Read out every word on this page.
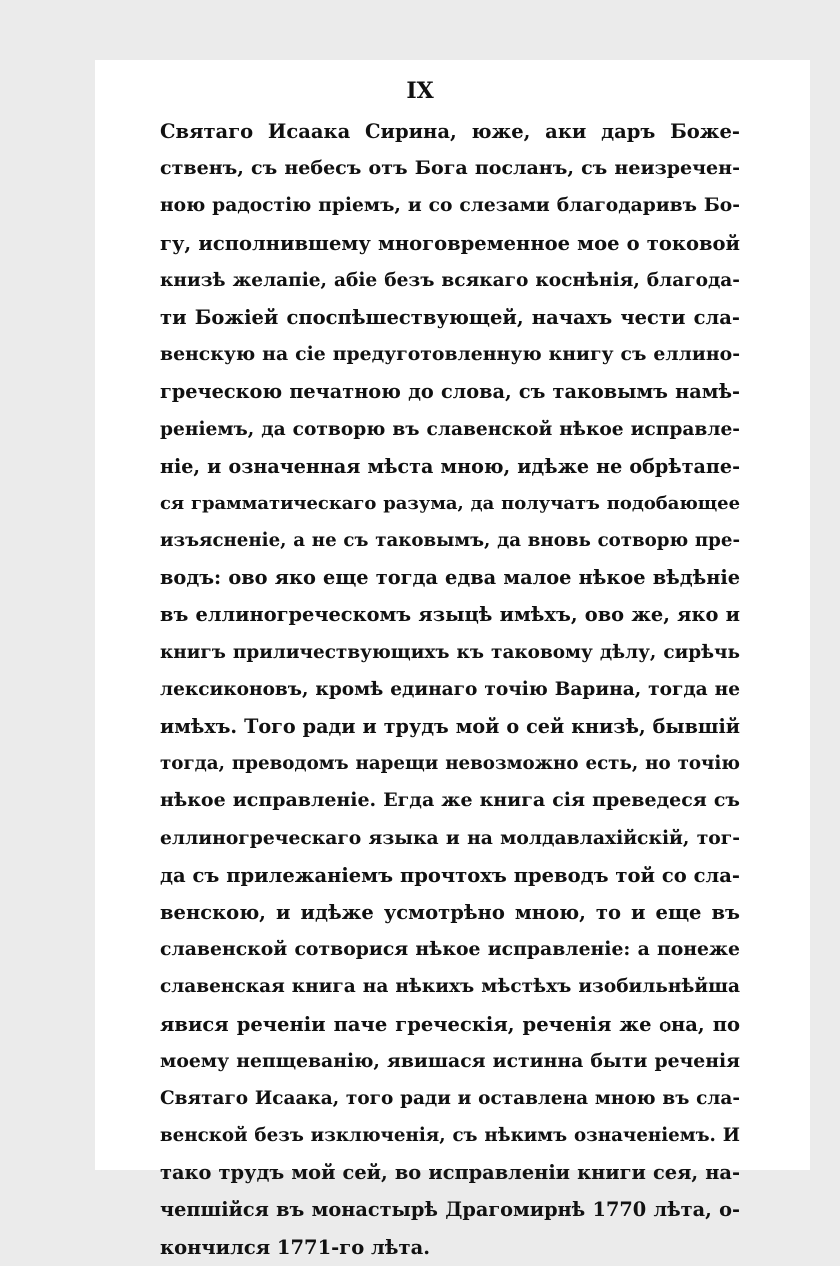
IX
Святаго Исаака Сирина, юже, аки даръ Боже-
ственъ, съ небесъ отъ Бога посланъ, съ неизречен-
ною радостію пріемъ, и со слезами благодаривъ Бо-
гу, исполнившему многовременное мое о токовой
книзѣ желапіе, абіе безъ всякаго коснѣнія, благода-
ти Божіей споспѣшествующей, начахъ чести сла-
венскую на сіе предуготовленную книгу съ еллино-
греческою печатною до слова, съ таковымъ намѣ-
реніемъ, да сотворю въ славенской нѣкое исправле-
ніе, и означенная мѣста мною, идѣже не обрѣтапе-
ся грамматическаго разума, да получатъ подобающее
изъясненіе, а не съ таковымъ, да вновь сотворю пре-
водъ: ово яко еще тогда едва малое нѣкое вѣдѣніе
въ еллиногреческомъ языцѣ имѣхъ, ово же, яко и
книгъ приличествующихъ къ таковому дѣлу, сирѣчь
лексиконовъ, кромѣ единаго точію Варина, тогда не
имѣхъ. Того ради и трудъ мой о сей книзѣ, бывшій
тогда, преводомъ нарещи невозможно есть, но точію
нѣкое исправленіе. Егда же книга сія преведеся съ
еллиногреческаго языка и на молдавлахійскій, тог-
да съ прилежаніемъ прочтохъ преводъ той со сла-
венскою, и идѣже усмотрѣно мною, то и еще въ
славенской сотворися нѣкое исправленіе: а понеже
славенская книга на нѣкихъ мѣстѣхъ изобильнѣйша
явися реченіи паче греческія, реченія же ѻна, по
моему непщеванію, явишася истинна быти реченія
Святаго Исаака, того ради и оставлена мною въ сла-
венской безъ изключенія, съ нѣкимъ означеніемъ. И
тако трудъ мой сей, во исправленіи книги сея, на-
чепшійся въ монастырѣ Драгомирнѣ 1770 лѣта, о-
кончился 1771-го лѣта.
